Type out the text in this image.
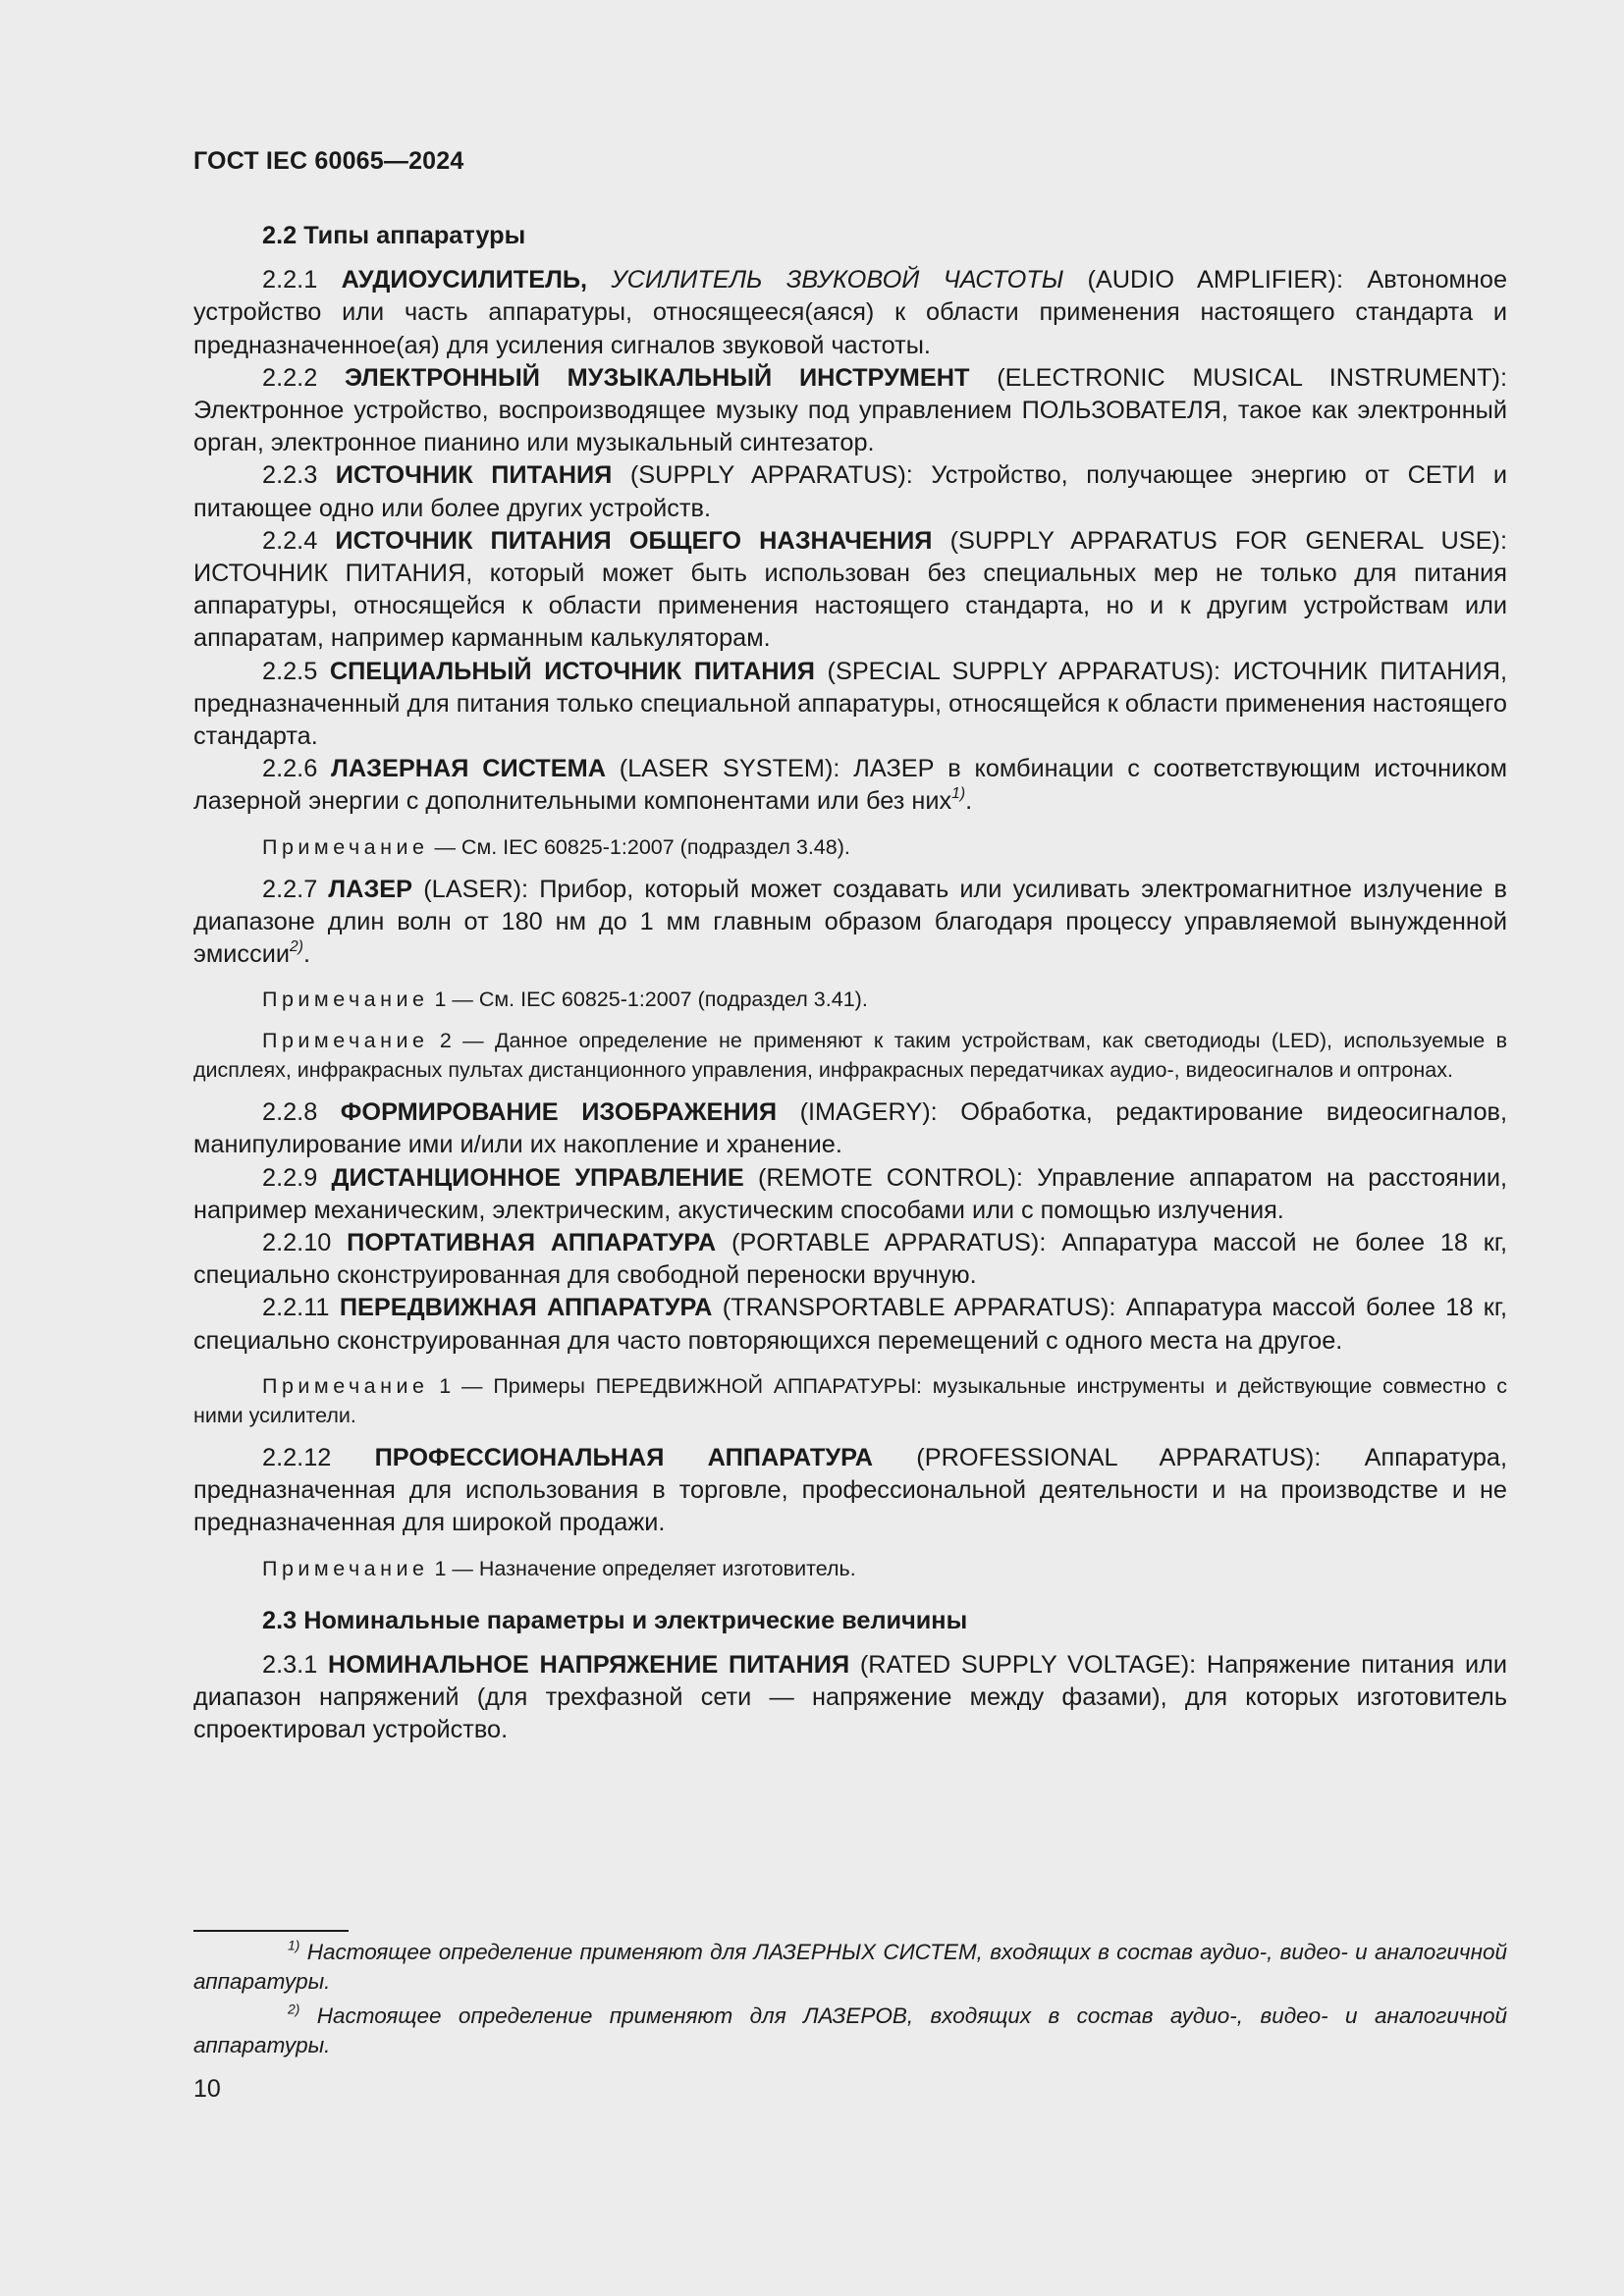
ГОСТ IEC 60065—2024
2.2 Типы аппаратуры

2.2.1 АУДИОУСИЛИТЕЛЬ, УСИЛИТЕЛЬ ЗВУКОВОЙ ЧАСТОТЫ (AUDIO AMPLIFIER): Автономное устройство или часть аппаратуры, относящееся(аяся) к области применения настоящего стандарта и предназначенное(ая) для усиления сигналов звуковой частоты.

2.2.2 ЭЛЕКТРОННЫЙ МУЗЫКАЛЬНЫЙ ИНСТРУМЕНТ (ELECTRONIC MUSICAL INSTRUMENT): Электронное устройство, воспроизводящее музыку под управлением ПОЛЬЗОВАТЕЛЯ, такое как электронный орган, электронное пианино или музыкальный синтезатор.

2.2.3 ИСТОЧНИК ПИТАНИЯ (SUPPLY APPARATUS): Устройство, получающее энергию от СЕТИ и питающее одно или более других устройств.

2.2.4 ИСТОЧНИК ПИТАНИЯ ОБЩЕГО НАЗНАЧЕНИЯ (SUPPLY APPARATUS FOR GENERAL USE): ИСТОЧНИК ПИТАНИЯ, который может быть использован без специальных мер не только для питания аппаратуры, относящейся к области применения настоящего стандарта, но и к другим устройствам или аппаратам, например карманным калькуляторам.

2.2.5 СПЕЦИАЛЬНЫЙ ИСТОЧНИК ПИТАНИЯ (SPECIAL SUPPLY APPARATUS): ИСТОЧНИК ПИТАНИЯ, предназначенный для питания только специальной аппаратуры, относящейся к области применения настоящего стандарта.

2.2.6 ЛАЗЕРНАЯ СИСТЕМА (LASER SYSTEM): ЛАЗЕР в комбинации с соответствующим источником лазерной энергии с дополнительными компонентами или без них$^{1)}$.

Примечание — См. IEC 60825-1:2007 (подраздел 3.48).

2.2.7 ЛАЗЕР (LASER): Прибор, который может создавать или усиливать электромагнитное излучение в диапазоне длин волн от 180 нм до 1 мм главным образом благодаря процессу управляемой вынужденной эмиссии$^{2)}$.

Примечание 1 — См. IEC 60825-1:2007 (подраздел 3.41).

Примечание 2 — Данное определение не применяют к таким устройствам, как светодиоды (LED), используемые в дисплеях, инфракрасных пультах дистанционного управления, инфракрасных передатчиках аудио-, видеосигналов и оптронах.

2.2.8 ФОРМИРОВАНИЕ ИЗОБРАЖЕНИЯ (IMAGERY): Обработка, редактирование видеосигналов, манипулирование ими и/или их накопление и хранение.

2.2.9 ДИСТАНЦИОННОЕ УПРАВЛЕНИЕ (REMOTE CONTROL): Управление аппаратом на расстоянии, например механическим, электрическим, акустическим способами или с помощью излучения.

2.2.10 ПОРТАТИВНАЯ АППАРАТУРА (PORTABLE APPARATUS): Аппаратура массой не более 18 кг, специально сконструированная для свободной переноски вручную.

2.2.11 ПЕРЕДВИЖНАЯ АППАРАТУРА (TRANSPORTABLE APPARATUS): Аппаратура массой более 18 кг, специально сконструированная для часто повторяющихся перемещений с одного места на другое.

Примечание 1 — Примеры ПЕРЕДВИЖНОЙ АППАРАТУРЫ: музыкальные инструменты и действующие совместно с ними усилители.

2.2.12 ПРОФЕССИОНАЛЬНАЯ АППАРАТУРА (PROFESSIONAL APPARATUS): Аппаратура, предназначенная для использования в торговле, профессиональной деятельности и на производстве и не предназначенная для широкой продажи.

Примечание 1 — Назначение определяет изготовитель.

2.3 Номинальные параметры и электрические величины

2.3.1 НОМИНАЛЬНОЕ НАПРЯЖЕНИЕ ПИТАНИЯ (RATED SUPPLY VOLTAGE): Напряжение питания или диапазон напряжений (для трехфазной сети — напряжение между фазами), для которых изготовитель спроектировал устройство.

$^{1)}$ Настоящее определение применяют для ЛАЗЕРНЫХ СИСТЕМ, входящих в состав аудио-, видео- и аналогичной аппаратуры.

$^{2)}$ Настоящее определение применяют для ЛАЗЕРОВ, входящих в состав аудио-, видео- и аналогичной аппаратуры.

10
